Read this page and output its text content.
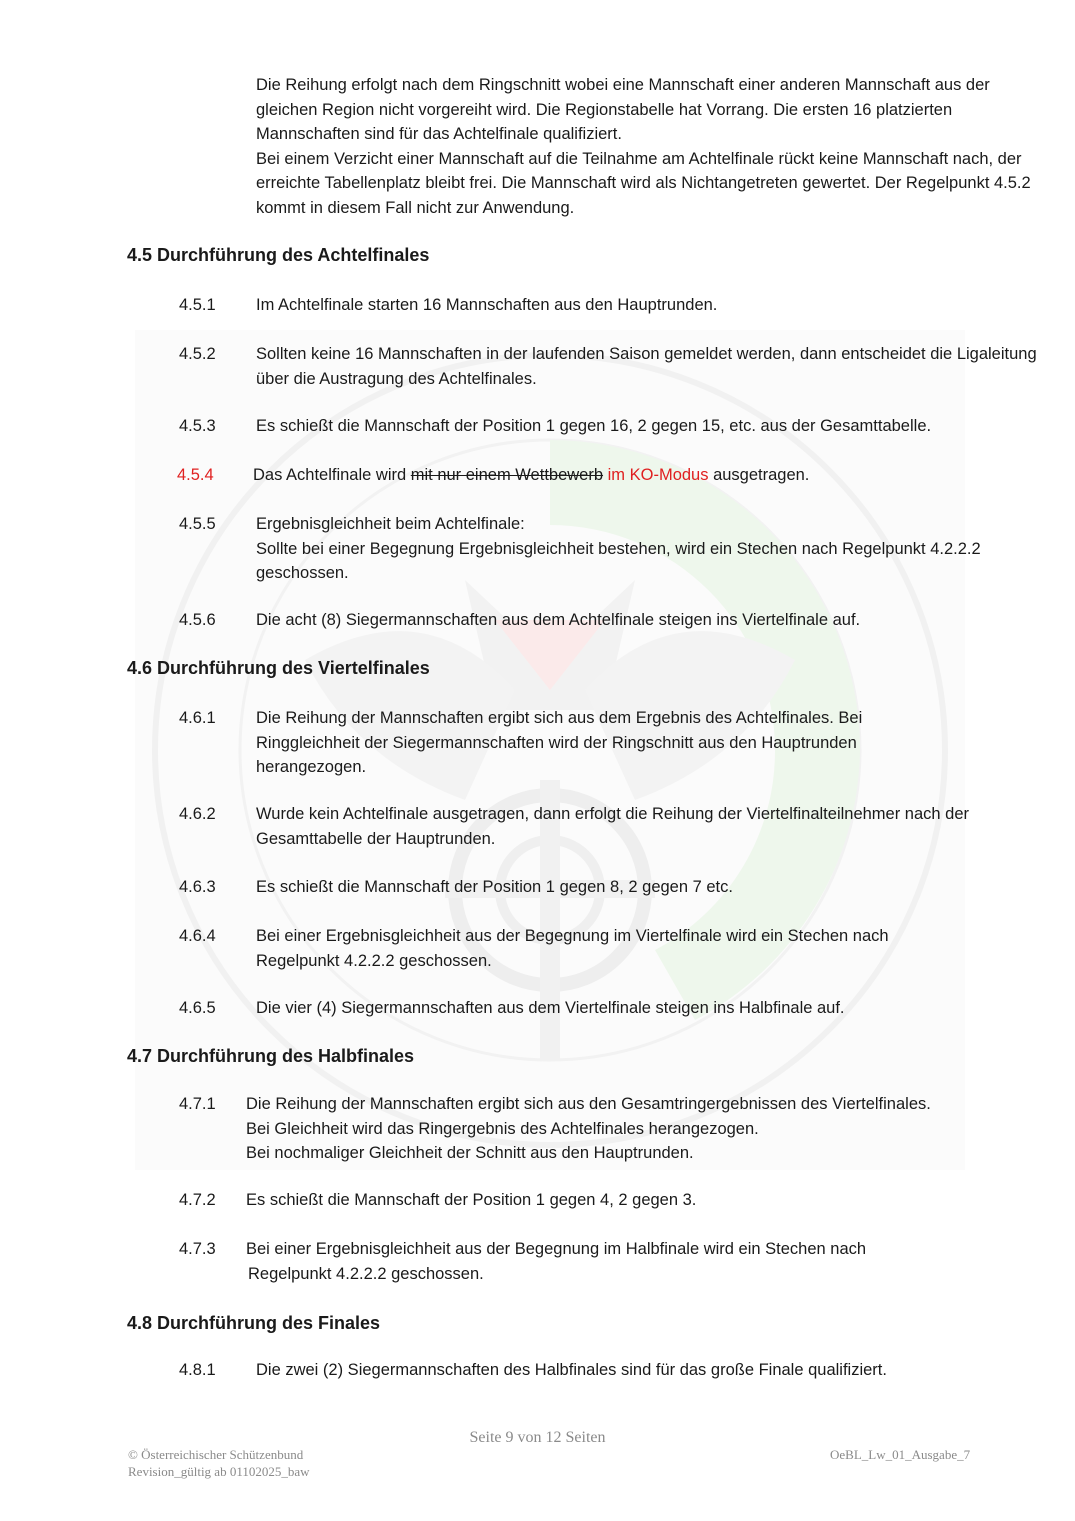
Die Reihung erfolgt nach dem Ringschnitt wobei eine Mannschaft einer anderen Mannschaft aus der gleichen Region nicht vorgereiht wird. Die Regionstabelle hat Vorrang. Die ersten 16 platzierten Mannschaften sind für das Achtelfinale qualifiziert.

Bei einem Verzicht einer Mannschaft auf die Teilnahme am Achtelfinale rückt keine Mannschaft nach, der erreichte Tabellenplatz bleibt frei. Die Mannschaft wird als Nichtangetreten gewertet. Der Regelpunkt 4.5.2 kommt in diesem Fall nicht zur Anwendung.

4.5 Durchführung des Achtelfinales
4.5.1 Im Achtelfinale starten 16 Mannschaften aus den Hauptrunden.
4.5.2 Sollten keine 16 Mannschaften in der laufenden Saison gemeldet werden, dann entscheidet die Ligaleitung über die Austragung des Achtelfinales.
4.5.3 Es schießt die Mannschaft der Position 1 gegen 16, 2 gegen 15, etc. aus der Gesamttabelle.
4.5.4 Das Achtelfinale wird mit nur einem Wettbewerb im KO-Modus ausgetragen.
4.5.5 Ergebnisgleichheit beim Achtelfinale:

Sollte bei einer Begegnung Ergebnisgleichheit bestehen, wird ein Stechen nach Regelpunkt 4.2.2.2 geschossen.

4.5.6 Die acht (8) Siegermannschaften aus dem Achtelfinale steigen ins Viertelfinale auf.
4.6 Durchführung des Viertelfinales
4.6.1 Die Reihung der Mannschaften ergibt sich aus dem Ergebnis des Achtelfinales. Bei Ringgleichheit der Siegermannschaften wird der Ringschnitt aus den Hauptrunden herangezogen.
4.6.2 Wurde kein Achtelfinale ausgetragen, dann erfolgt die Reihung der Viertelfinalteilnehmer nach der Gesamttabelle der Hauptrunden.
4.6.3 Es schießt die Mannschaft der Position 1 gegen 8, 2 gegen 7 etc.
4.6.4 Bei einer Ergebnisgleichheit aus der Begegnung im Viertelfinale wird ein Stechen nach Regelpunkt 4.2.2.2 geschossen.
4.6.5 Die vier (4) Siegermannschaften aus dem Viertelfinale steigen ins Halbfinale auf.
4.7 Durchführung des Halbfinales
4.7.1 Die Reihung der Mannschaften ergibt sich aus den Gesamtringergebnissen des Viertelfinales.

Bei Gleichheit wird das Ringergebnis des Achtelfinales herangezogen.

Bei nochmaliger Gleichheit der Schnitt aus den Hauptrunden.

4.7.2 Es schießt die Mannschaft der Position 1 gegen 4, 2 gegen 3.
4.7.3 Bei einer Ergebnisgleichheit aus der Begegnung im Halbfinale wird ein Stechen nach

Regelpunkt 4.2.2.2 geschossen.

4.8 Durchführung des Finales
4.8.1 Die zwei (2) Siegermannschaften des Halbfinales sind für das große Finale qualifiziert.
Seite 9 von 12 Seiten
© Österreichischer Schützenbund
Revision_gültig ab 01102025_baw
OeBL_Lw_01_Ausgabe_7
